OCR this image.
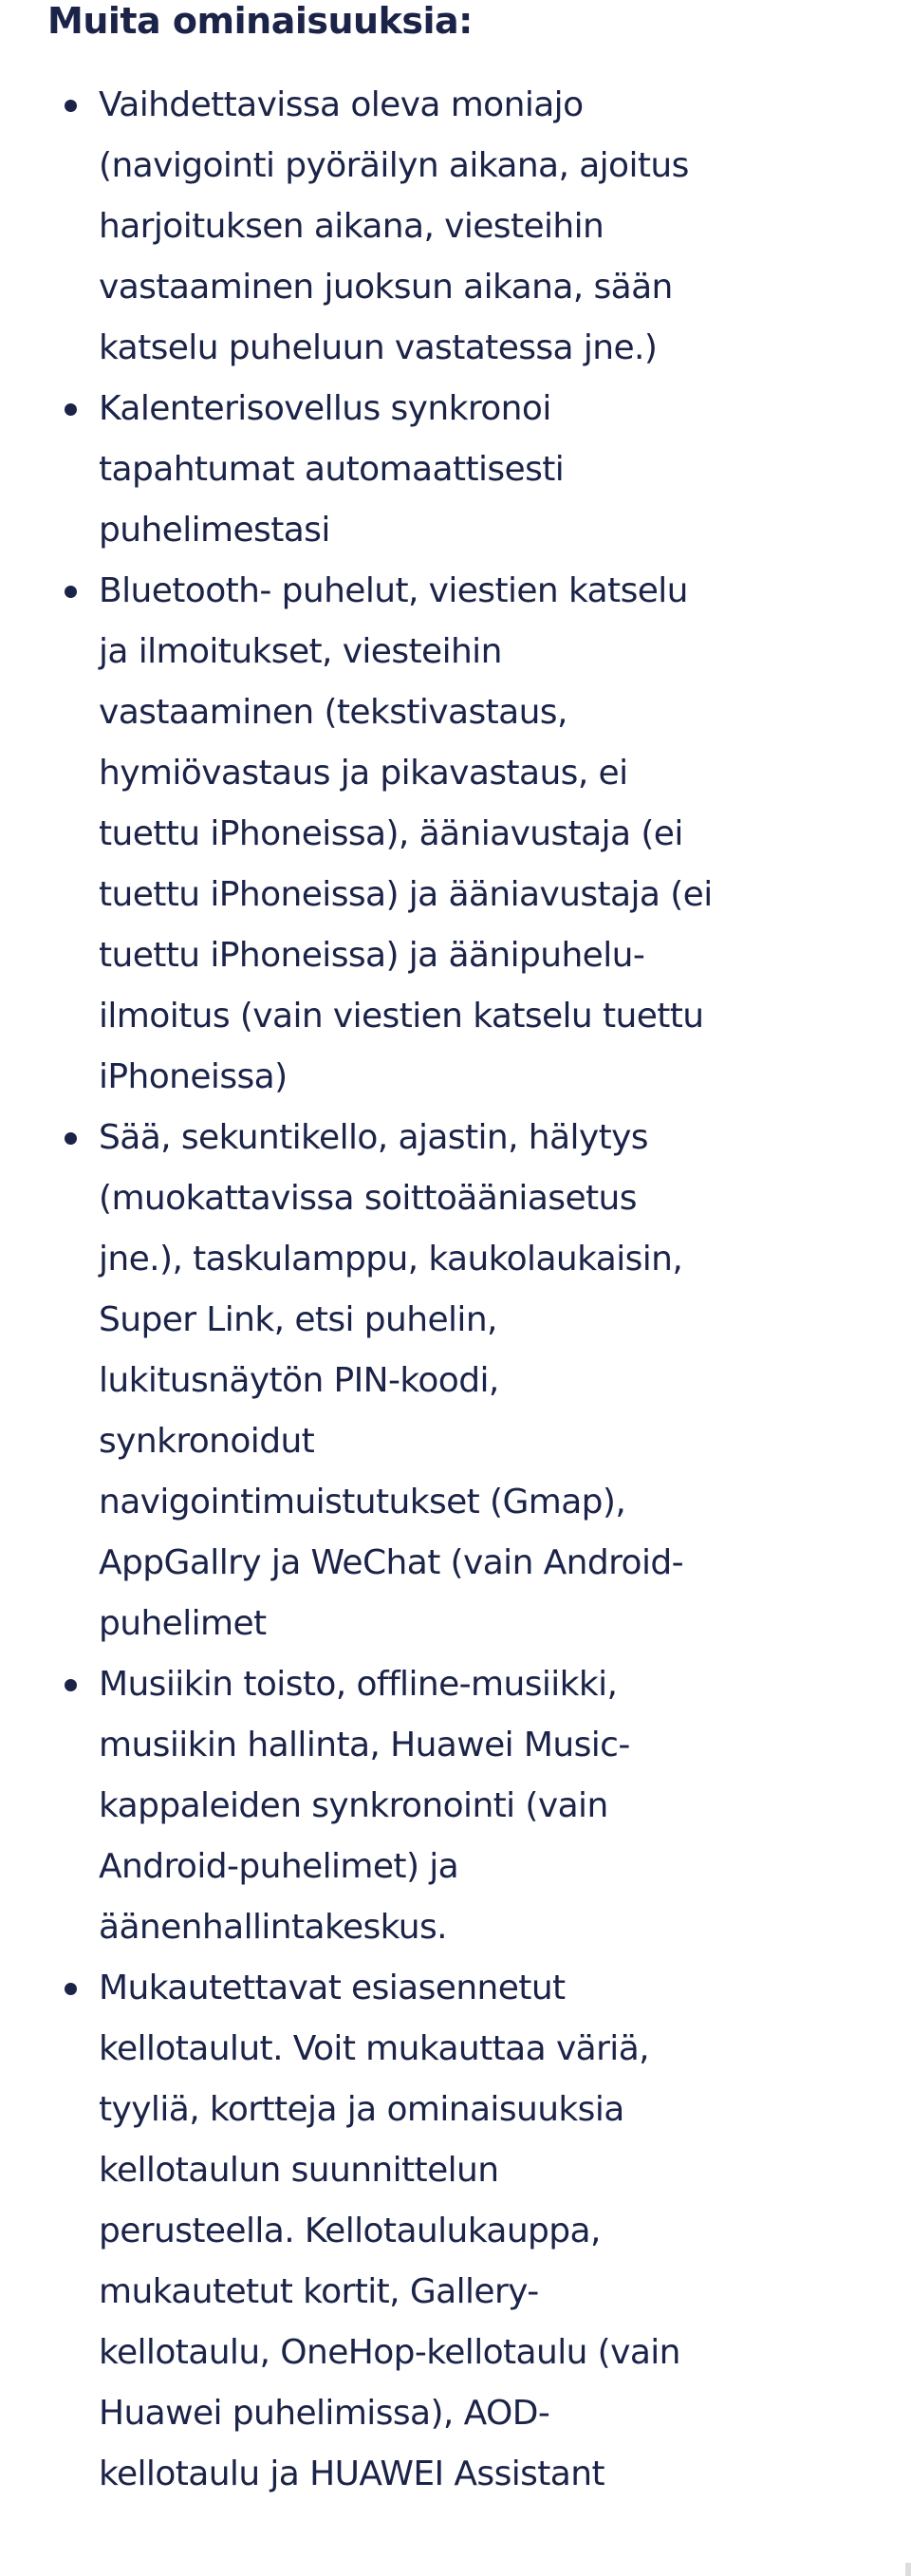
Muita ominaisuuksia:
Vaihdettavissa oleva moniajo
(navigointi pyöräilyn aikana, ajoitus
harjoituksen aikana, viesteihin
vastaaminen juoksun aikana, sään
katselu puheluun vastatessa jne.)
Kalenterisovellus synkronoi
tapahtumat automaattisesti
puhelimestasi
Bluetooth- puhelut, viestien katselu
ja ilmoitukset, viesteihin
vastaaminen (tekstivastaus,
hymiövastaus ja pikavastaus, ei
tuettu iPhoneissa), ääniavustaja (ei
tuettu iPhoneissa) ja ääniavustaja (ei
tuettu iPhoneissa) ja äänipuhelu-
ilmoitus (vain viestien katselu tuettu
iPhoneissa)
Sää, sekuntikello, ajastin, hälytys
(muokattavissa soittoääniasetus
jne.), taskulamppu, kaukolaukaisin,
Super Link, etsi puhelin,
lukitusnäytön PIN-koodi,
synkronoidut
navigointimuistutukset (Gmap),
AppGallry ja WeChat (vain Android-
puhelimet
Musiikin toisto, offline-musiikki,
musiikin hallinta, Huawei Music-
kappaleiden synkronointi (vain
Android-puhelimet) ja
äänenhallintakeskus.
Mukautettavat esiasennetut
kellotaulut. Voit mukauttaa väriä,
tyyliä, kortteja ja ominaisuuksia
kellotaulun suunnittelun
perusteella. Kellotaulukauppa,
mukautetut kortit, Gallery-
kellotaulu, OneHop-kellotaulu (vain
Huawei puhelimissa), AOD-
kellotaulu ja HUAWEI Assistant
